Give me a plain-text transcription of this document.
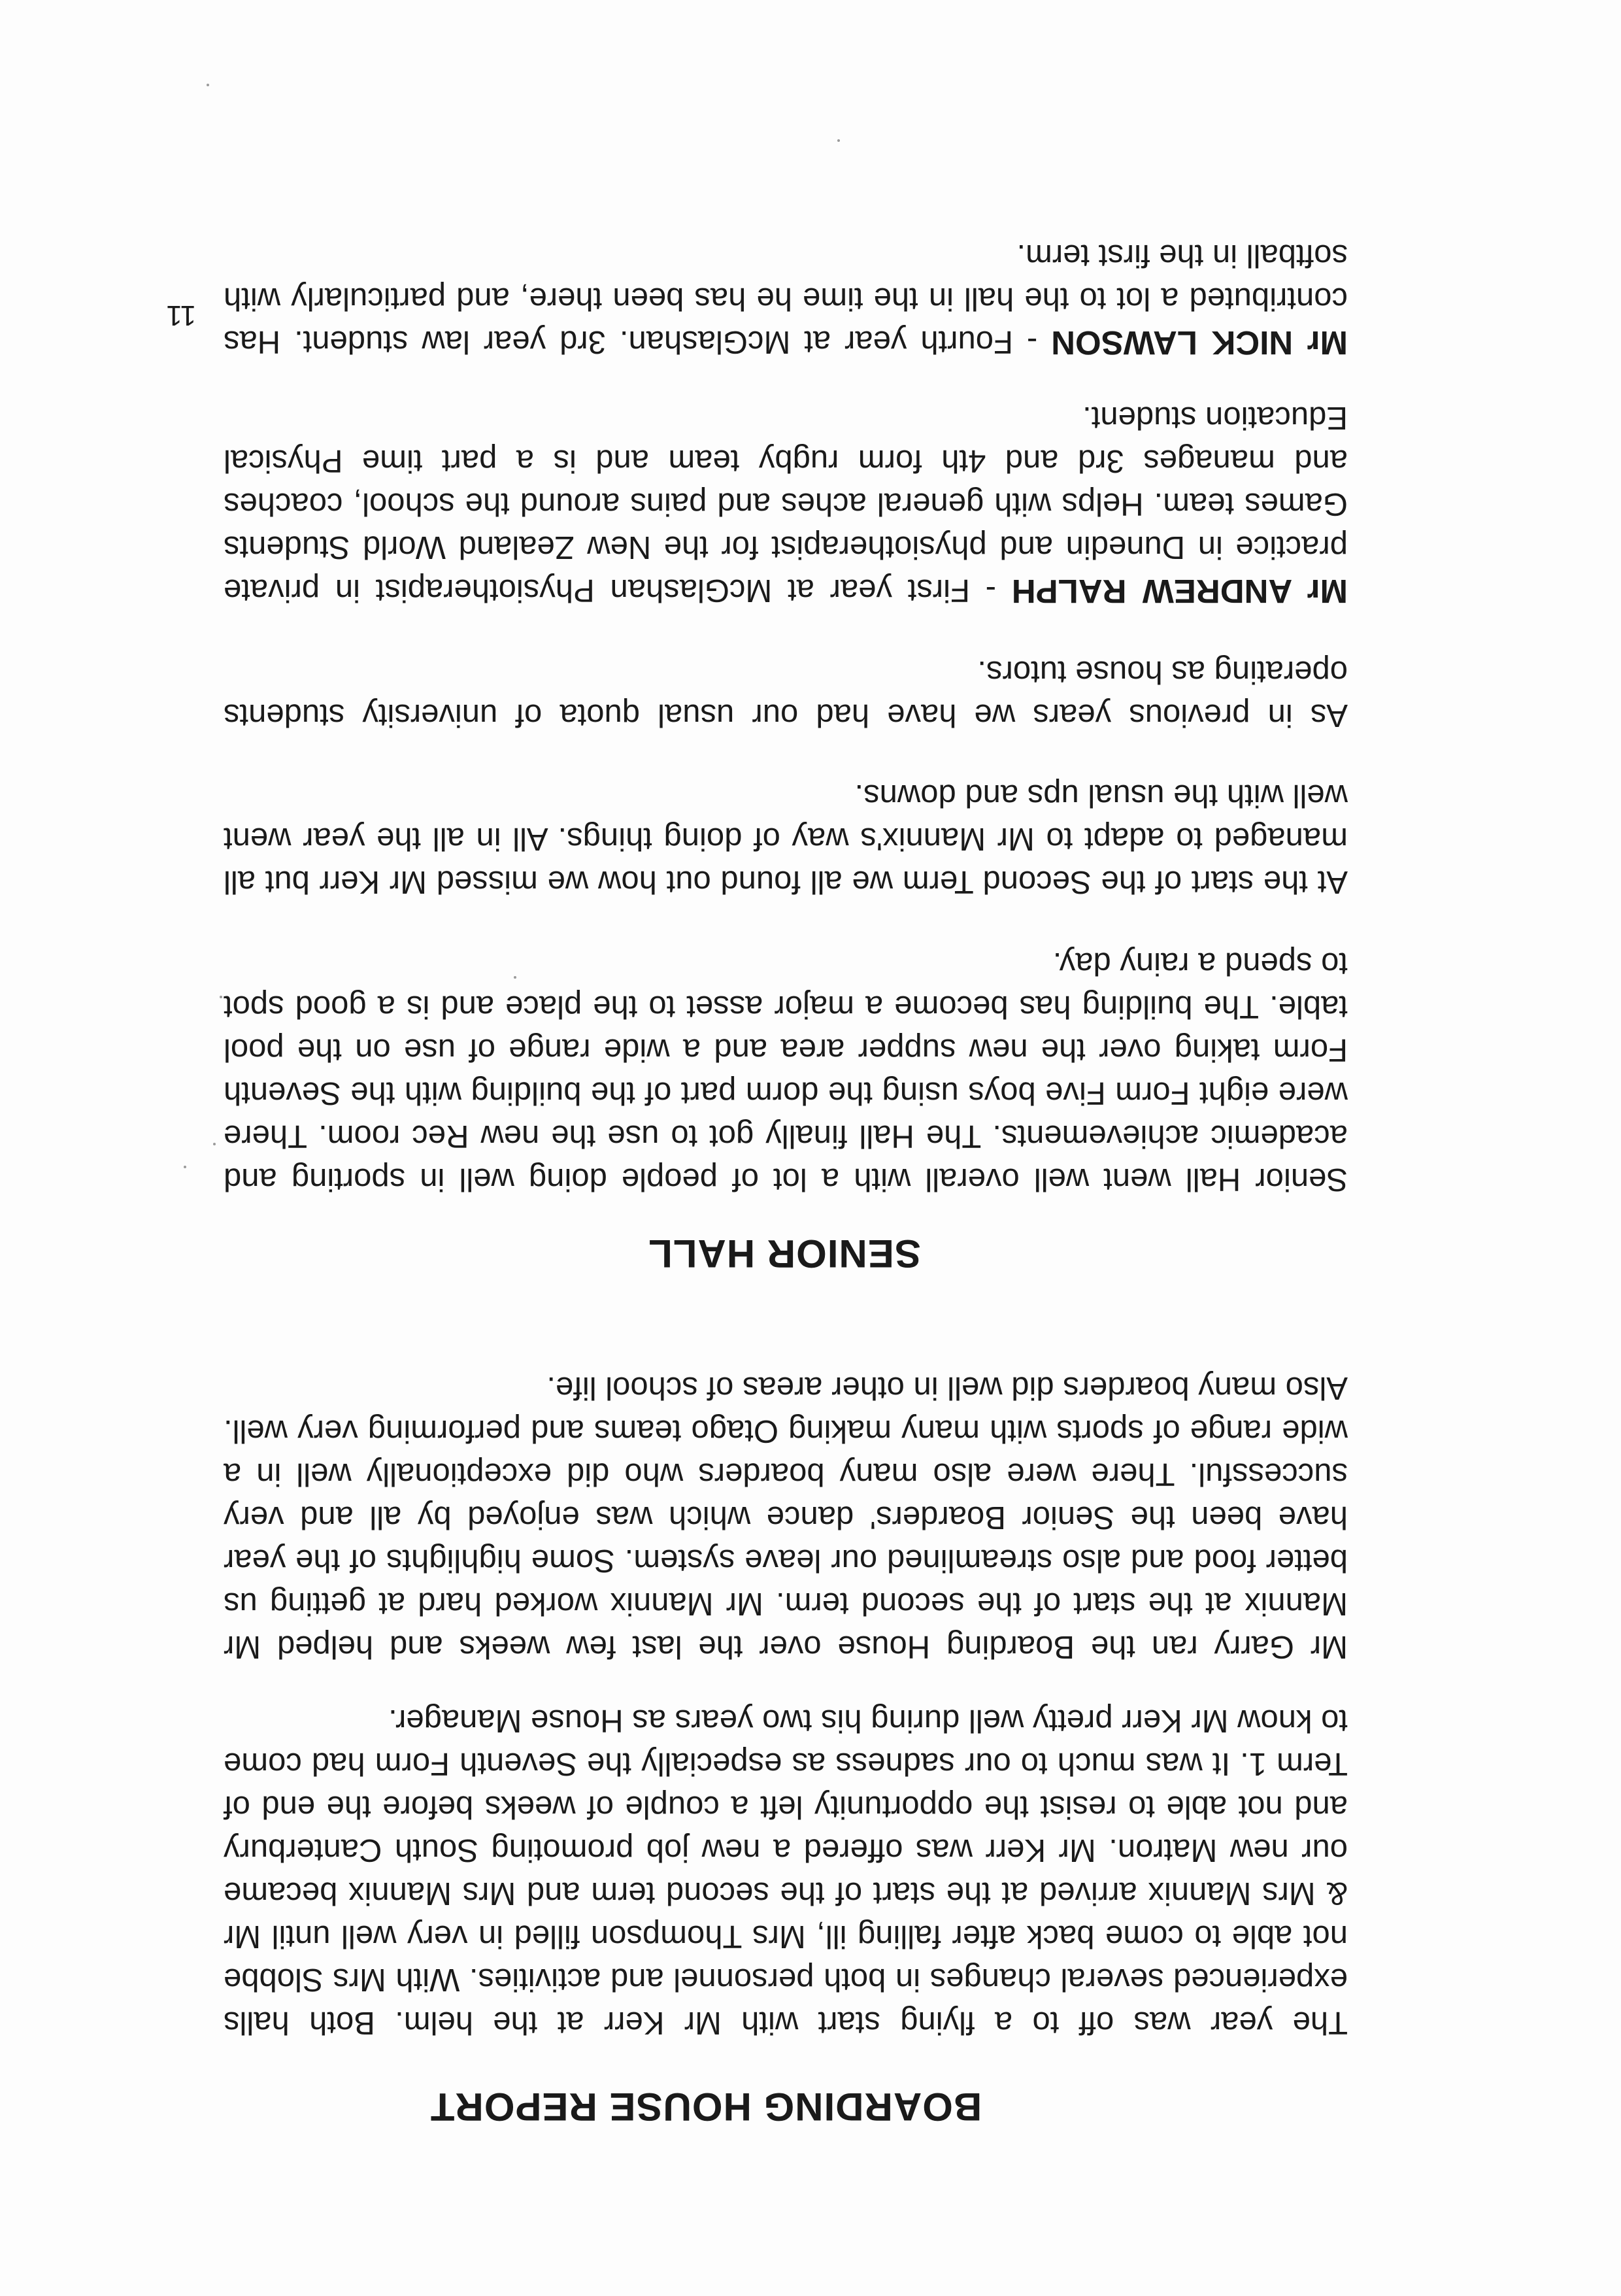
BOARDING HOUSE REPORT

The year was off to a flying start with Mr Kerr at the helm. Both halls experienced several changes in both personnel and activities. With Mrs Slobbe not able to come back after falling ill, Mrs Thompson filled in very well until Mr & Mrs Mannix arrived at the start of the second term and Mrs Mannix became our new Matron. Mr Kerr was offered a new job promoting South Canterbury and not able to resist the opportunity left a couple of weeks before the end of Term 1. It was much to our sadness as especially the Seventh Form had come to know Mr Kerr pretty well during his two years as House Manager.

Mr Garry ran the Boarding House over the last few weeks and helped Mr Mannix at the start of the second term. Mr Mannix worked hard at getting us better food and also streamlined our leave system. Some highlights of the year have been the Senior Boarders' dance which was enjoyed by all and very successful. There were also many boarders who did exceptionally well in a wide range of sports with many making Otago teams and performing very well. Also many boarders did well in other areas of school life.

SENIOR HALL

Senior Hall went well overall with a lot of people doing well in sporting and academic achievements. The Hall finally got to use the new Rec room. There were eight Form Five boys using the dorm part of the building with the Seventh Form taking over the new supper area and a wide range of use on the pool table. The building has become a major asset to the place and is a good spot to spend a rainy day.

At the start of the Second Term we all found out how we missed Mr Kerr but all managed to adapt to Mr Mannix's way of doing things. All in all the year went well with the usual ups and downs.

As in previous years we have had our usual quota of university students operating as house tutors.

Mr ANDREW RALPH - First year at McGlashan Physiotherapist in private practice in Dunedin and physiotherapist for the New Zealand World Students Games team. Helps with general aches and pains around the school, coaches and manages 3rd and 4th form rugby team and is a part time Physical Education student.

Mr NICK LAWSON - Fourth year at McGlashan. 3rd year law student. Has contributed a lot to the hall in the time he has been there, and particularly with softball in the first term.

11
